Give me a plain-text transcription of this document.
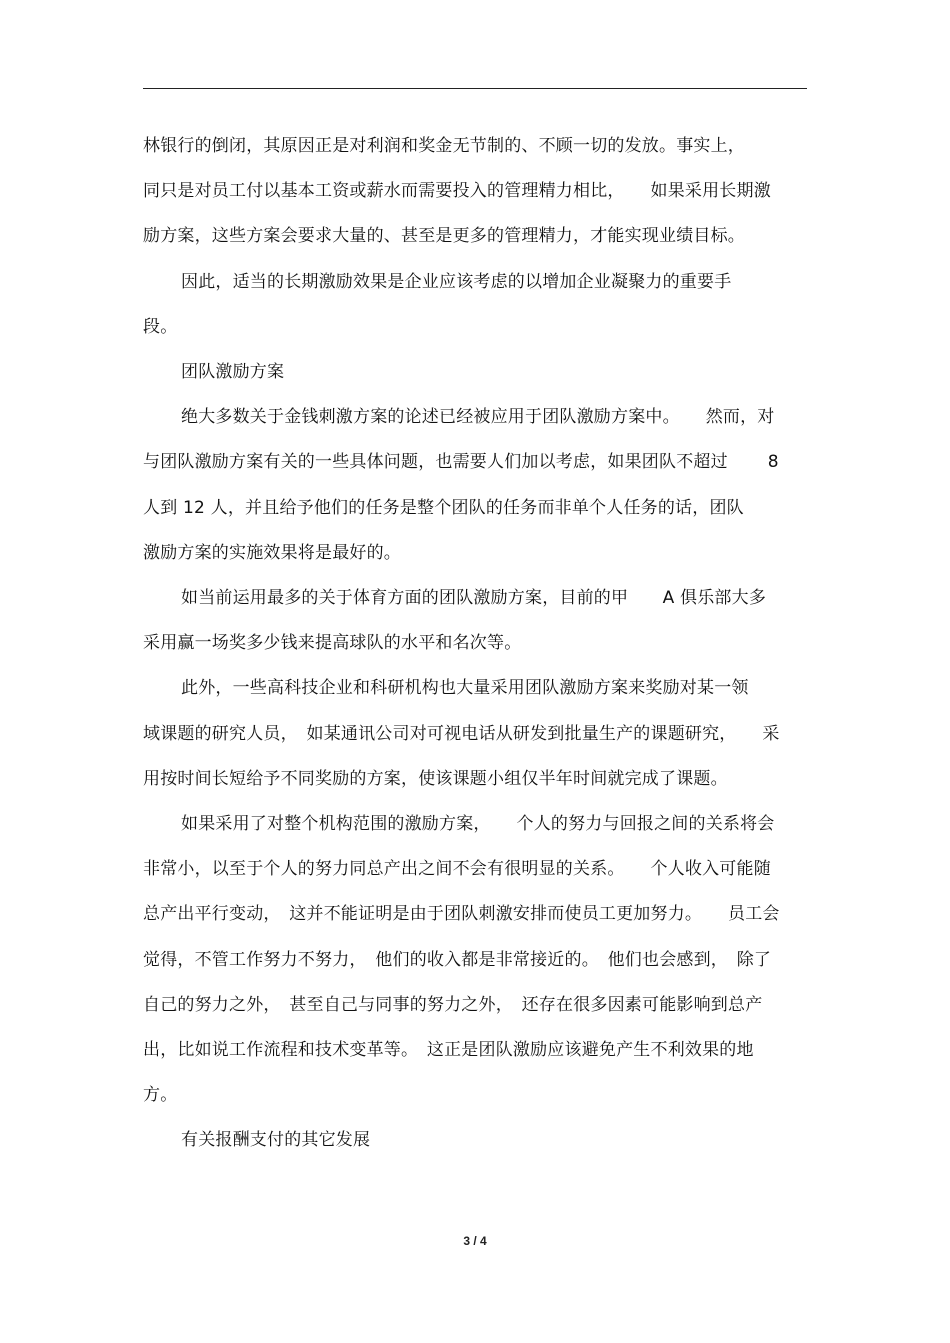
林银行的倒闭，其原因正是对利润和奖金无节制的、不顾一切的发放。事实上，
同只是对员工付以基本工资或薪水而需要投入的管理精力相比，　　如果采用长期激
励方案，这些方案会要求大量的、甚至是更多的管理精力，才能实现业绩目标。
因此，适当的长期激励效果是企业应该考虑的以增加企业凝聚力的重要手
段。
团队激励方案
绝大多数关于金钱刺激方案的论述已经被应用于团队激励方案中。　　然而，对
与团队激励方案有关的一些具体问题，也需要人们加以考虑，如果团队不超过　　 8
人到 12 人，并且给予他们的任务是整个团队的任务而非单个人任务的话，团队
激励方案的实施效果将是最好的。
如当前运用最多的关于体育方面的团队激励方案，目前的甲　　A 俱乐部大多
采用赢一场奖多少钱来提高球队的水平和名次等。
此外，一些高科技企业和科研机构也大量采用团队激励方案来奖励对某一领
域课题的研究人员，　如某通讯公司对可视电话从研发到批量生产的课题研究，　　采
用按时间长短给予不同奖励的方案，使该课题小组仅半年时间就完成了课题。
如果采用了对整个机构范围的激励方案，　　个人的努力与回报之间的关系将会
非常小，以至于个人的努力同总产出之间不会有很明显的关系。　　个人收入可能随
总产出平行变动，　这并不能证明是由于团队刺激安排而使员工更加努力。　　员工会
觉得，不管工作努力不努力，　他们的收入都是非常接近的。　他们也会感到，　除了
自己的努力之外，　甚至自己与同事的努力之外，　还存在很多因素可能影响到总产
出，比如说工作流程和技术变革等。　这正是团队激励应该避免产生不利效果的地
方。
有关报酬支付的其它发展
3 / 4
